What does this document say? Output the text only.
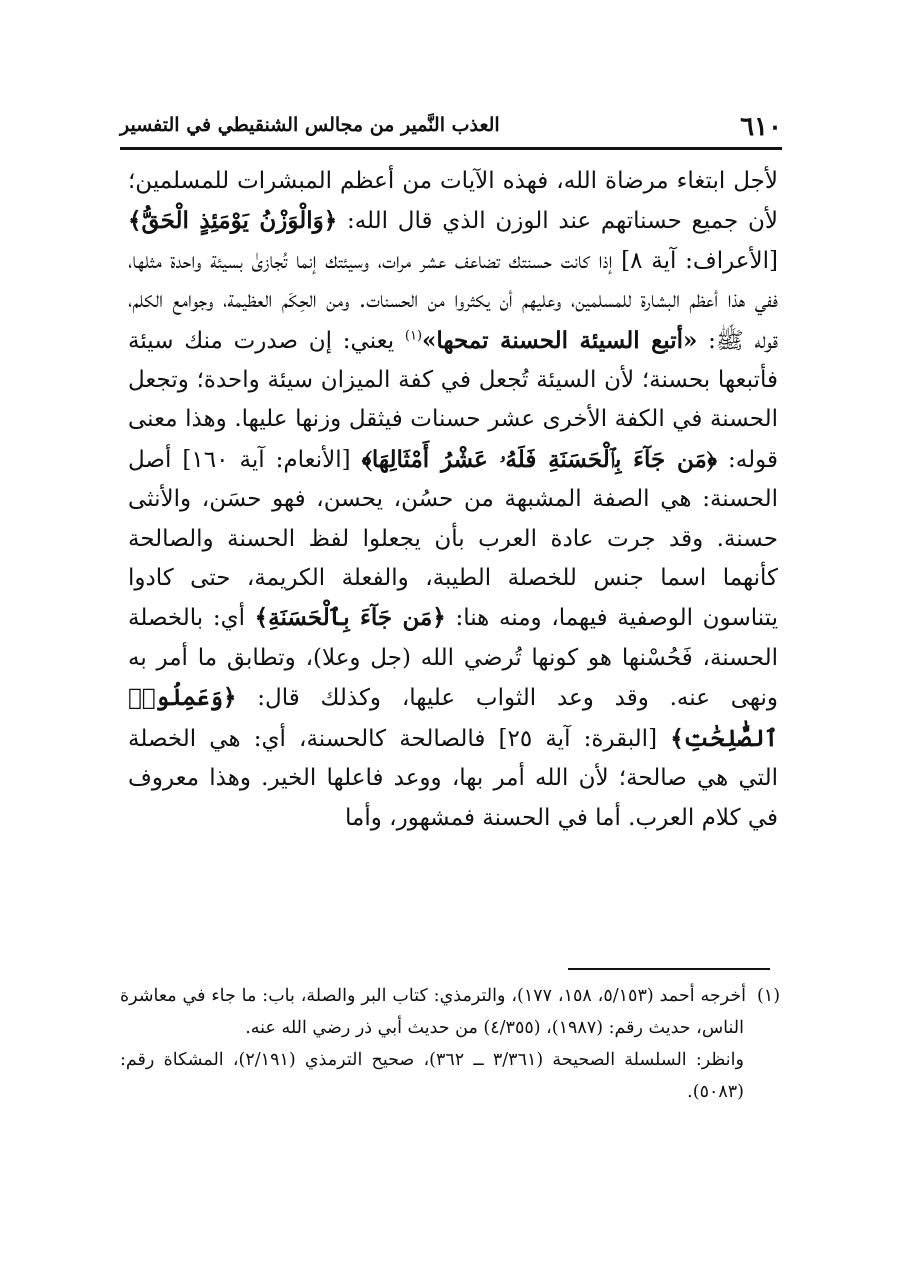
٦١٠
العذب النَّمير من مجالس الشنقيطي في التفسير

لأجل ابتغاء مرضاة الله، فهذه الآيات من أعظم المبشرات للمسلمين؛ لأن جميع حسناتهم عند الوزن الذي قال الله: ﴿وَالْوَزْنُ يَوْمَئِذٍ الْحَقُّ﴾ [الأعراف: آية ٨] إذا كانت حسنتك تضاعف عشر مرات، وسيئتك إنما تُجازىٰ بسيئة واحدة مثلها، ففي هذا أعظم البشارة للمسلمين، وعليهم أن يكثروا من الحسنات. ومن الحِكَم العظيمة، وجوامع الكلم، قوله ﷺ: «أتبع السيئة الحسنة تمحها»$^{(١)}$ يعني: إن صدرت منك سيئة فأتبعها بحسنة؛ لأن السيئة تُجعل في كفة الميزان سيئة واحدة؛ وتجعل الحسنة في الكفة الأخرى عشر حسنات فيثقل وزنها عليها. وهذا معنى قوله: ﴿مَن جَآءَ بِٱلْحَسَنَةِ فَلَهُۥ عَشْرُ أَمْثَالِهَا﴾ [الأنعام: آية ١٦٠] أصل الحسنة: هي الصفة المشبهة من حسُن، يحسن، فهو حسَن، والأنثى حسنة. وقد جرت عادة العرب بأن يجعلوا لفظ الحسنة والصالحة كأنهما اسما جنس للخصلة الطيبة، والفعلة الكريمة، حتى كادوا يتناسون الوصفية فيهما، ومنه هنا: ﴿مَن جَآءَ بِٱلْحَسَنَةِ﴾ أي: بالخصلة الحسنة، فَحُسْنها هو كونها تُرضي الله (جل وعلا)، وتطابق ما أمر به ونهى عنه. وقد وعد الثواب عليها، وكذلك قال: ﴿وَعَمِلُوا۟ ٱلصَّٰلِحَٰتِ﴾ [البقرة: آية ٢٥] فالصالحة كالحسنة، أي: هي الخصلة التي هي صالحة؛ لأن الله أمر بها، ووعد فاعلها الخير. وهذا معروف في كلام العرب. أما في الحسنة فمشهور، وأما

(١)أخرجه أحمد (٥/١٥٣، ١٥٨، ١٧٧)، والترمذي: كتاب البر والصلة، باب: ما جاء في معاشرة الناس، حديث رقم: (١٩٨٧)، (٤/٣٥٥) من حديث أبي ذر رضي الله عنه.

وانظر: السلسلة الصحيحة (٣/٣٦١ ــ ٣٦٢)، صحيح الترمذي (٢/١٩١)، المشكاة رقم: (٥٠٨٣).
